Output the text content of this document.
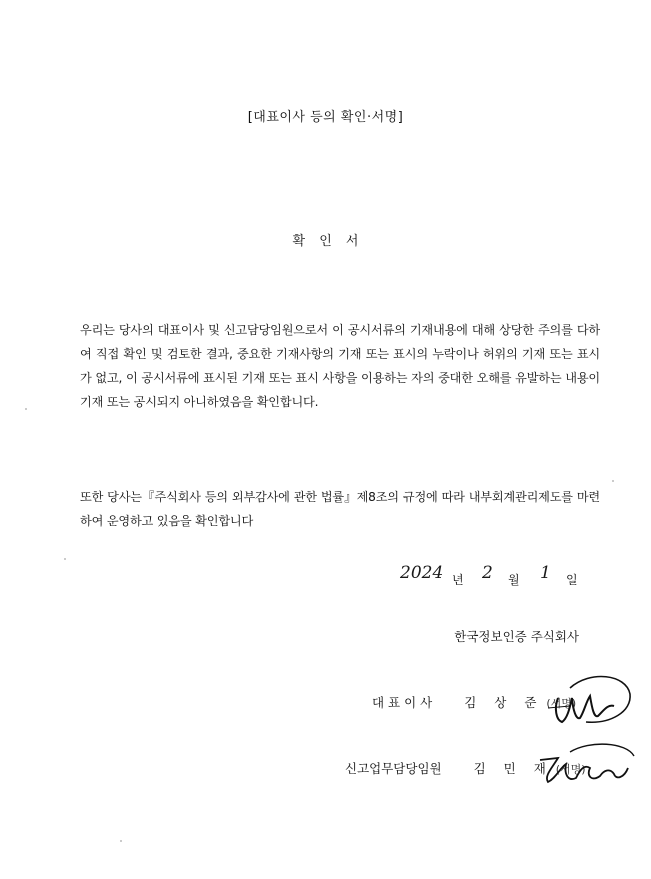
[대표이사 등의 확인·서명]
확 인 서
우리는 당사의 대표이사 및 신고담당임원으로서 이 공시서류의 기재내용에 대해 상당한 주의를 다하여 직접 확인 및 검토한 결과, 중요한 기재사항의 기재 또는 표시의 누락이나 허위의 기재 또는 표시가 없고, 이 공시서류에 표시된 기재 또는 표시 사항을 이용하는 자의 중대한 오해를 유발하는 내용이 기재 또는 공시되지 아니하였음을 확인합니다.
또한 당사는『주식회사 등의 외부감사에 관한 법률』제8조의 규정에 따라 내부회계관리제도를 마련하여 운영하고 있음을 확인합니다
2024 년 2 월 1 일
한국정보인증 주식회사
대 표 이 사	김 상 준 (서명)
신고업무담당임원	김 민 재 (서명)
